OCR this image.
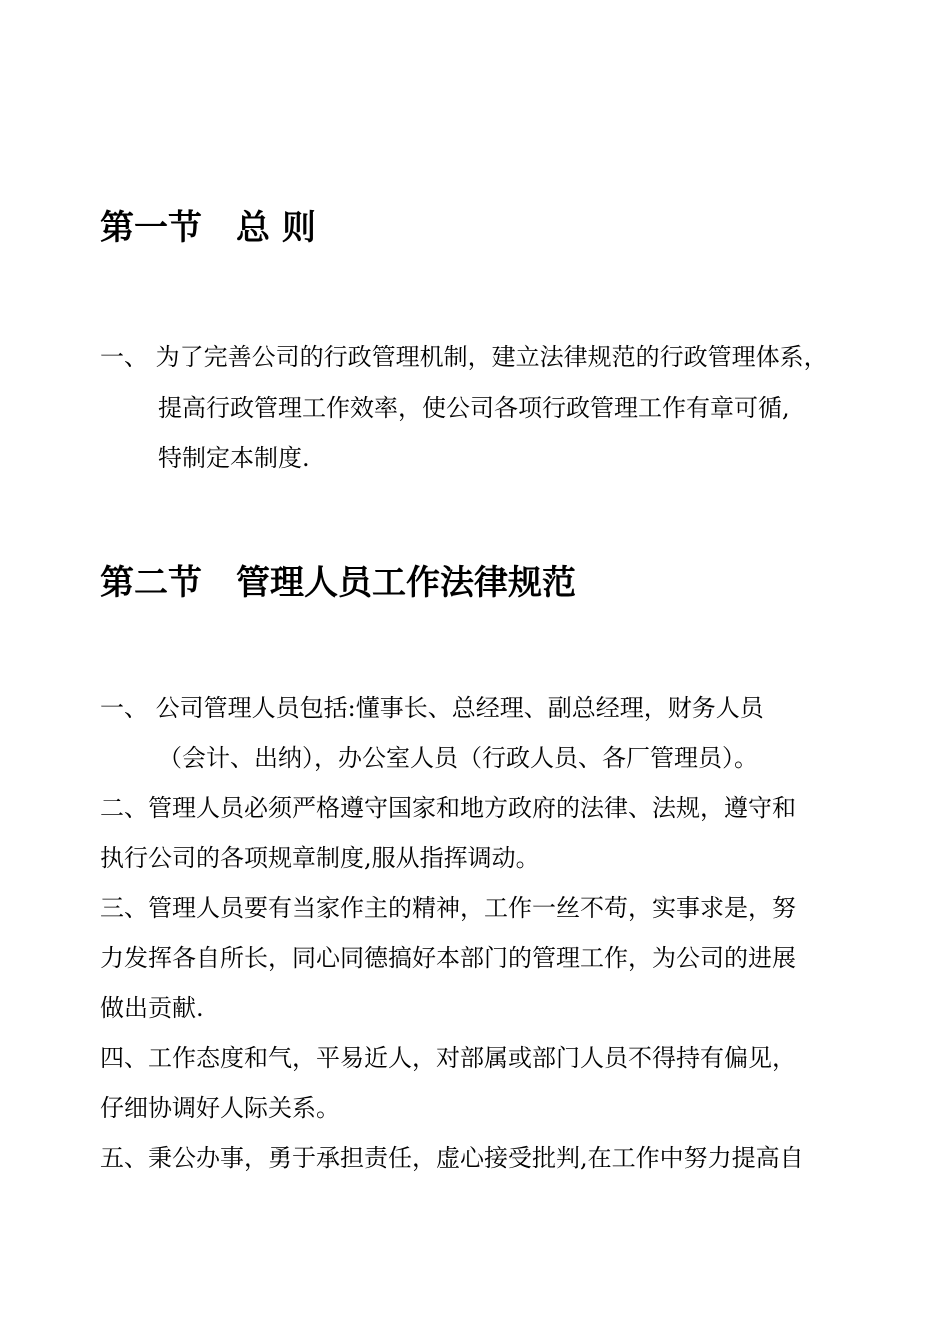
第一节　总 则

一、 为了完善公司的行政管理机制，建立法律规范的行政管理体系，

提高行政管理工作效率，使公司各项行政管理工作有章可循,

特制定本制度.

第二节　管理人员工作法律规范

一、 公司管理人员包括:懂事长、总经理、副总经理，财务人员

（会计、出纳），办公室人员（行政人员、各厂管理员）。

二、管理人员必须严格遵守国家和地方政府的法律、法规，遵守和

执行公司的各项规章制度,服从指挥调动。

三、管理人员要有当家作主的精神，工作一丝不苟，实事求是，努

力发挥各自所长，同心同德搞好本部门的管理工作，为公司的进展

做出贡献.

四、工作态度和气，平易近人，对部属或部门人员不得持有偏见，

仔细协调好人际关系。

五、秉公办事，勇于承担责任，虚心接受批判,在工作中努力提高自
